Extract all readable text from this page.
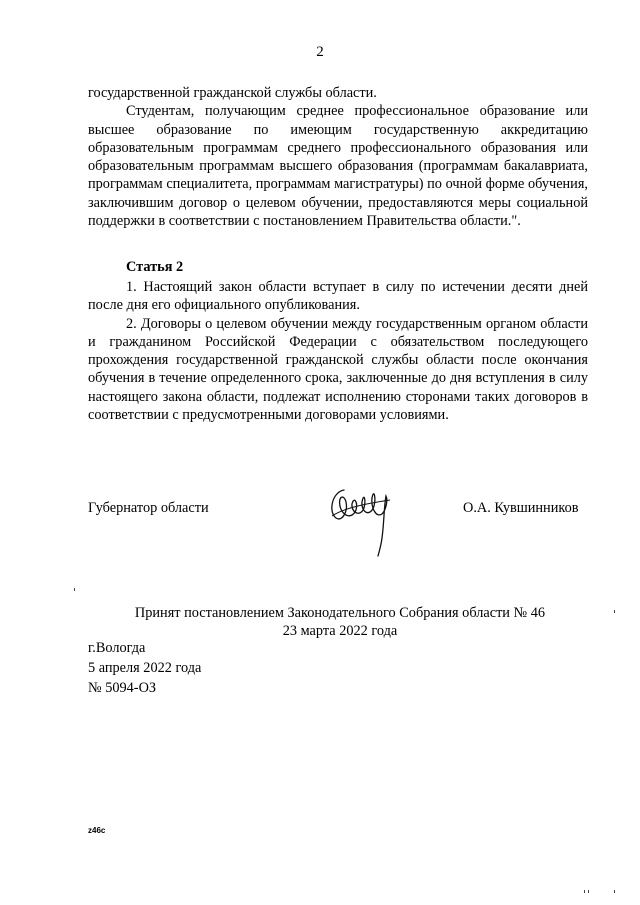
2

государственной гражданской службы области.

Студентам, получающим среднее профессиональное образование или высшее образование по имеющим государственную аккредитацию образовательным программам среднего профессионального образования или образовательным программам высшего образования (программам бакалавриата, программам специалитета, программам магистратуры) по очной форме обучения, заключившим договор о целевом обучении, предоставляются меры социальной поддержки в соответствии с постановлением Правительства области.".

Статья 2

1. Настоящий закон области вступает в силу по истечении десяти дней после дня его официального опубликования.

2. Договоры о целевом обучении между государственным органом области и гражданином Российской Федерации с обязательством последующего прохождения государственной гражданской службы области после окончания обучения в течение определенного срока, заключенные до дня вступления в силу настоящего закона области, подлежат исполнению сторонами таких договоров в соответствии с предусмотренными договорами условиями.

Губернатор области	О.А. Кувшинников
Принят постановлением Законодательного Собрания области № 46
23 марта 2022 года
г.Вологда
5 апреля 2022 года
№ 5094-ОЗ
z46c
